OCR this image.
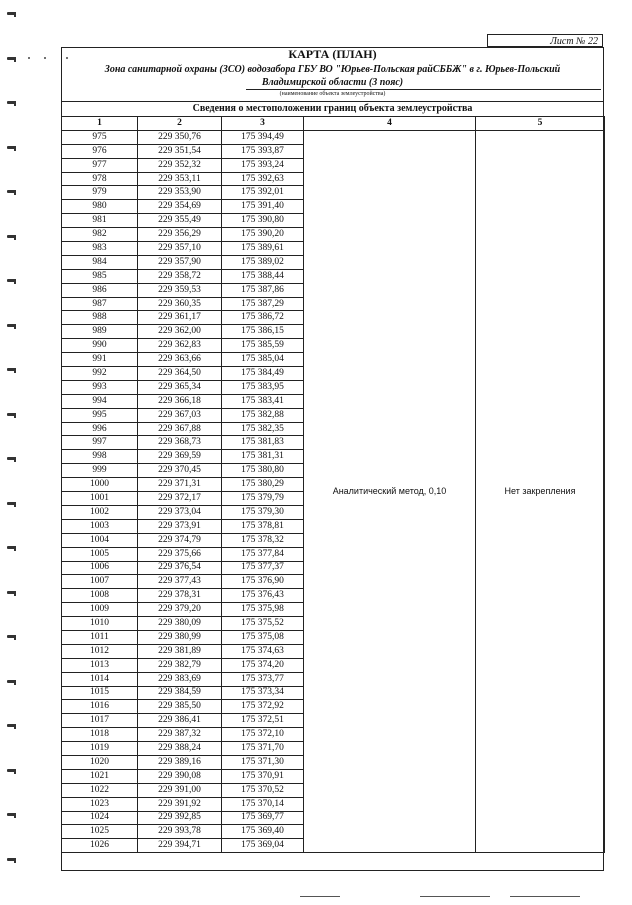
Лист № 22
КАРТА (ПЛАН)
Зона санитарной охраны (ЗСО) водозабора ГБУ ВО "Юрьев-Польская райСББЖ" в г. Юрьев-Польский
Владимирской области (3 пояс)
(наименование объекта землеустройства)
Сведения о местоположении границ объекта землеустройства
1	2	3	4	5
975	229 350,76	175 394,49	Аналитический метод, 0,10	Нет закрепления
976	229 351,54	175 393,87		
977	229 352,32	175 393,24		
978	229 353,11	175 392,63		
979	229 353,90	175 392,01		
980	229 354,69	175 391,40		
981	229 355,49	175 390,80		
982	229 356,29	175 390,20		
983	229 357,10	175 389,61		
984	229 357,90	175 389,02		
985	229 358,72	175 388,44		
986	229 359,53	175 387,86		
987	229 360,35	175 387,29		
988	229 361,17	175 386,72		
989	229 362,00	175 386,15		
990	229 362,83	175 385,59		
991	229 363,66	175 385,04		
992	229 364,50	175 384,49		
993	229 365,34	175 383,95		
994	229 366,18	175 383,41		
995	229 367,03	175 382,88		
996	229 367,88	175 382,35		
997	229 368,73	175 381,83		
998	229 369,59	175 381,31		
999	229 370,45	175 380,80		
1000	229 371,31	175 380,29		
1001	229 372,17	175 379,79		
1002	229 373,04	175 379,30		
1003	229 373,91	175 378,81		
1004	229 374,79	175 378,32		
1005	229 375,66	175 377,84		
1006	229 376,54	175 377,37		
1007	229 377,43	175 376,90		
1008	229 378,31	175 376,43		
1009	229 379,20	175 375,98		
1010	229 380,09	175 375,52		
1011	229 380,99	175 375,08		
1012	229 381,89	175 374,63		
1013	229 382,79	175 374,20		
1014	229 383,69	175 373,77		
1015	229 384,59	175 373,34		
1016	229 385,50	175 372,92		
1017	229 386,41	175 372,51		
1018	229 387,32	175 372,10		
1019	229 388,24	175 371,70		
1020	229 389,16	175 371,30		
1021	229 390,08	175 370,91		
1022	229 391,00	175 370,52		
1023	229 391,92	175 370,14		
1024	229 392,85	175 369,77		
1025	229 393,78	175 369,40		
1026	229 394,71	175 369,04		
